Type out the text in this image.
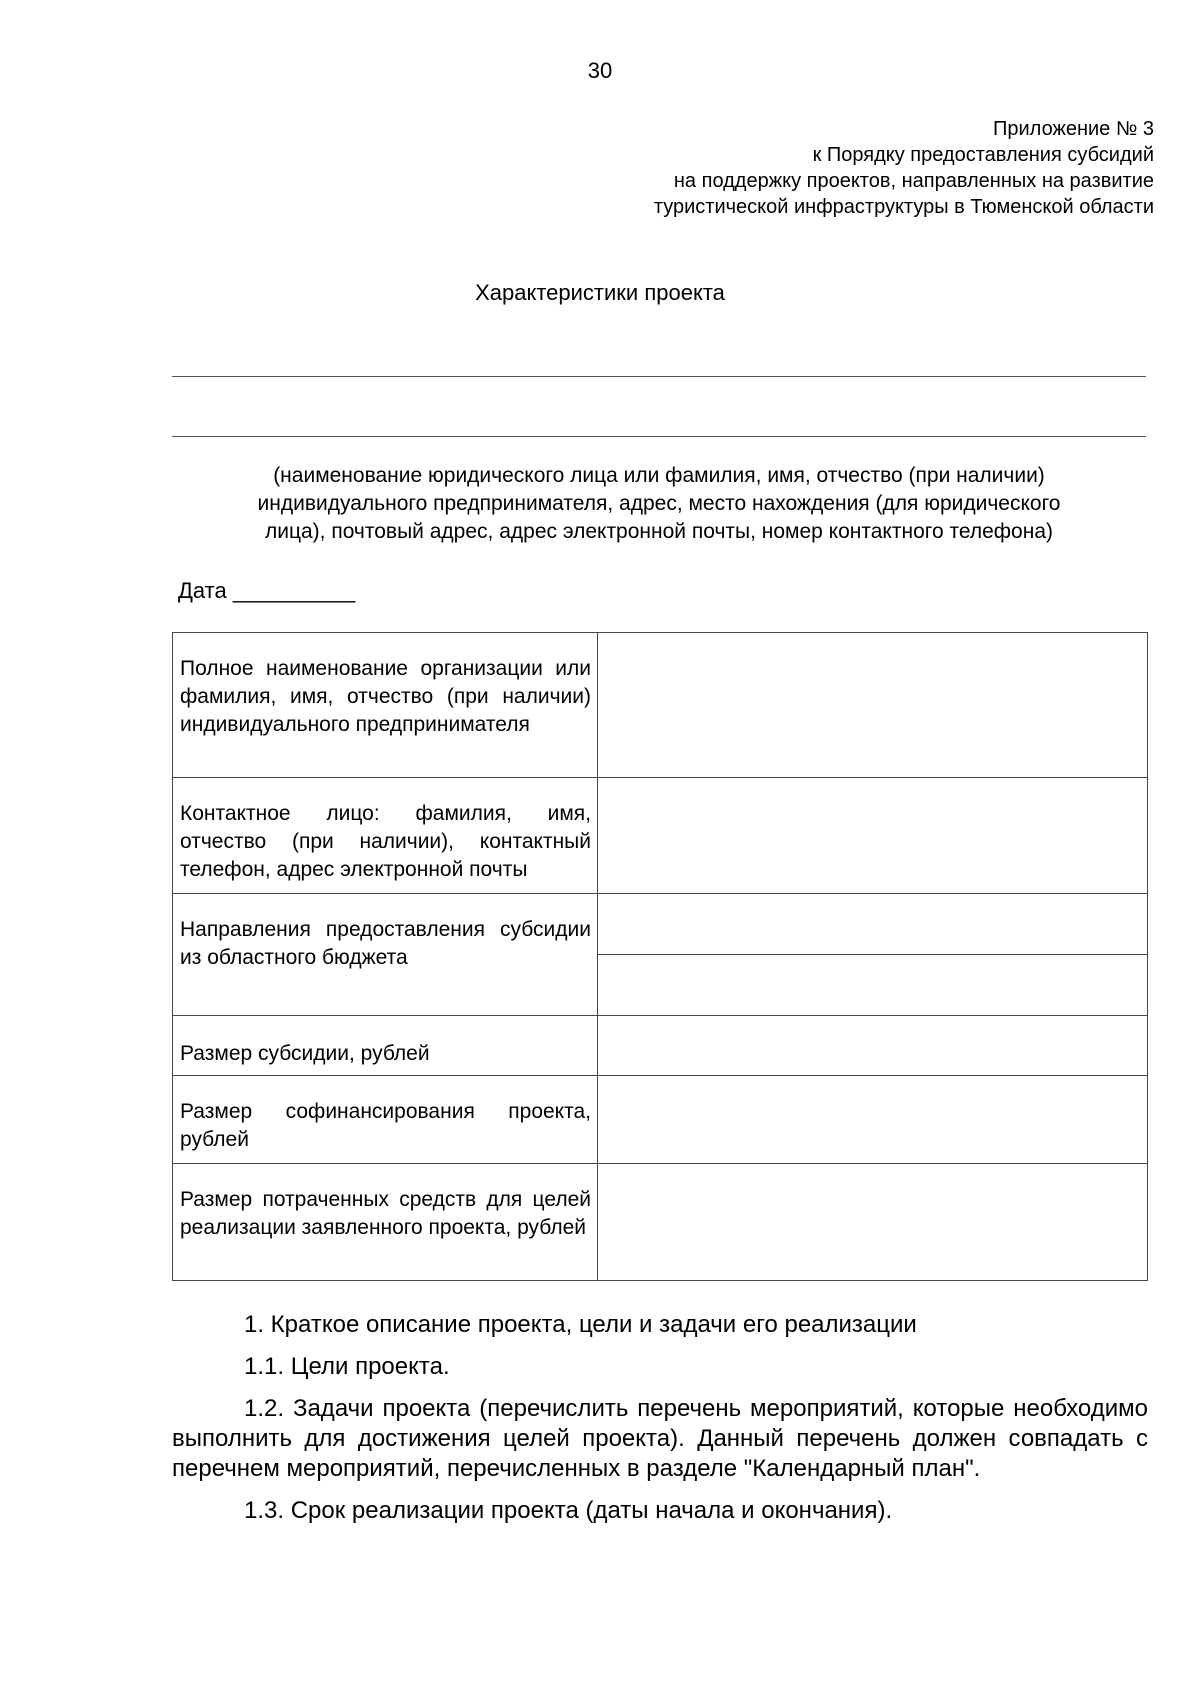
30
Приложение № 3
к Порядку предоставления субсидий
на поддержку проектов, направленных на развитие
туристической инфраструктуры в Тюменской области
Характеристики проекта
(наименование юридического лица или фамилия, имя, отчество (при наличии)
индивидуального предпринимателя, адрес, место нахождения (для юридического
лица), почтовый адрес, адрес электронной почты, номер контактного телефона)
Дата __________
Полное наименование организации или фамилия, имя, отчество (при наличии) индивидуального предпринимателя	

Контактное лицо: фамилия, имя, отчество (при наличии), контактный телефон, адрес электронной почты	

Направления предоставления субсидии из областного бюджета	

Размер субсидии, рублей	

Размер софинансирования проекта, рублей	

Размер потраченных средств для целей реализации заявленного проекта, рублей	

1. Краткое описание проекта, цели и задачи его реализации

1.1. Цели проекта.

1.2. Задачи проекта (перечислить перечень мероприятий, которые необходимо выполнить для достижения целей проекта). Данный перечень должен совпадать с перечнем мероприятий, перечисленных в разделе "Календарный план".

1.3. Срок реализации проекта (даты начала и окончания).
